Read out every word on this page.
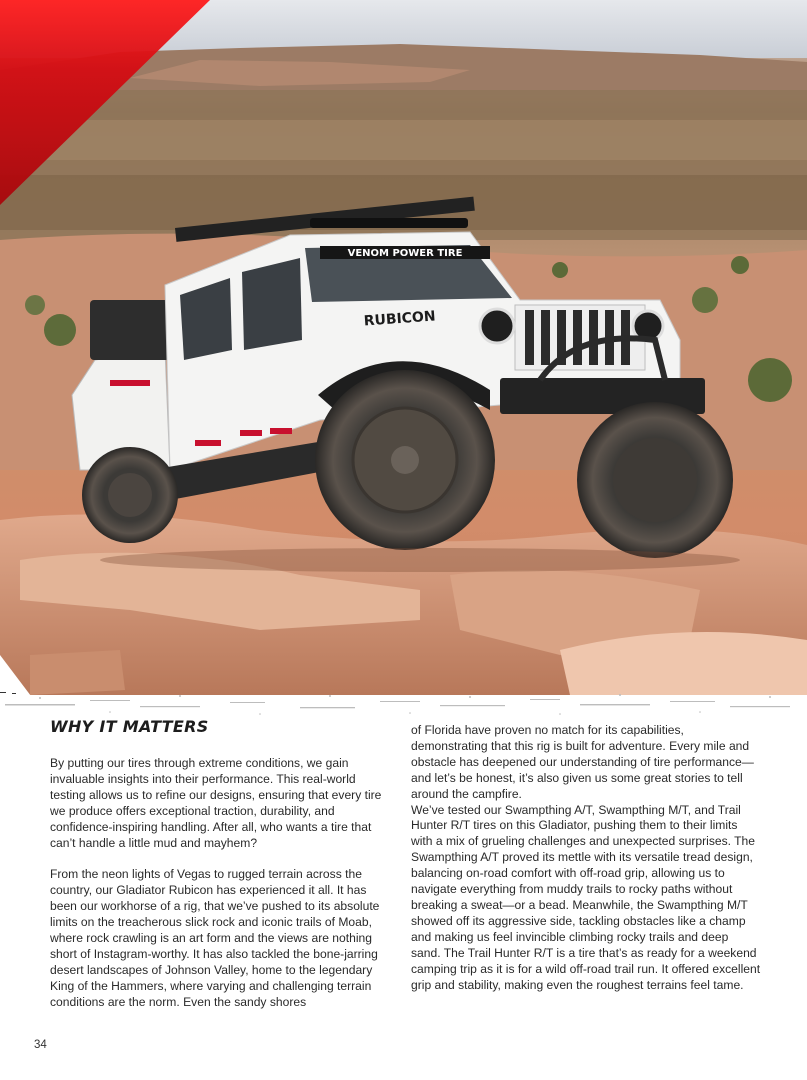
VENOM POWER TIRE
RUBICON
WHY IT MATTERS

By putting our tires through extreme conditions, we gain invaluable insights into their performance. This real-world testing allows us to refine our designs, ensuring that every tire we produce offers exceptional traction, durability, and confidence-inspiring handling. After all, who wants a tire that can’t handle a little mud and mayhem?

From the neon lights of Vegas to rugged terrain across the country, our Gladiator Rubicon has experienced it all. It has been our workhorse of a rig, that we’ve pushed to its absolute limits on the treacherous slick rock and iconic trails of Moab, where rock crawling is an art form and the views are nothing short of Instagram-worthy. It has also tackled the bone-jarring desert landscapes of Johnson Valley, home to the legendary King of the Hammers, where varying and challenging terrain conditions are the norm. Even the sandy shores

of Florida have proven no match for its capabilities, demonstrating that this rig is built for adventure. Every mile and obstacle has deepened our understanding of tire performance—and let’s be honest, it’s also given us some great stories to tell around the campfire.

We’ve tested our Swampthing A/T, Swampthing M/T, and Trail Hunter R/T tires on this Gladiator, pushing them to their limits with a mix of grueling challenges and unexpected surprises. The Swampthing A/T proved its mettle with its versatile tread design, balancing on-road comfort with off-road grip, allowing us to navigate everything from muddy trails to rocky paths without breaking a sweat—or a bead. Meanwhile, the Swampthing M/T showed off its aggressive side, tackling obstacles like a champ and making us feel invincible climbing rocky trails and deep sand. The Trail Hunter R/T is a tire that’s as ready for a weekend camping trip as it is for a wild off-road trail run. It offered excellent grip and stability, making even the roughest terrains feel tame.

34
